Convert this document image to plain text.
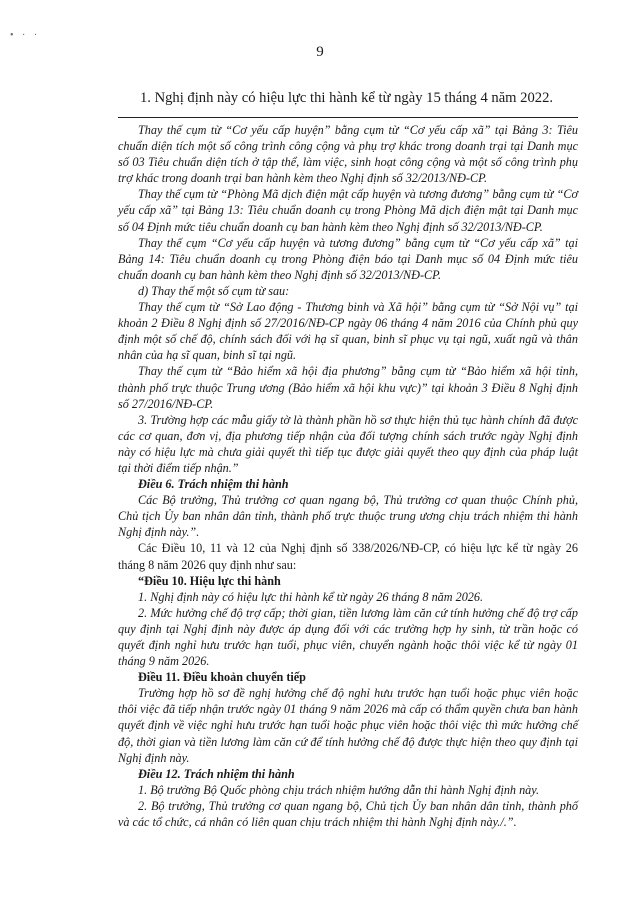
• · ·
9
1. Nghị định này có hiệu lực thi hành kể từ ngày 15 tháng 4 năm 2022.

Thay thế cụm từ “Cơ yếu cấp huyện” bằng cụm từ “Cơ yếu cấp xã” tại Bảng 3: Tiêu chuẩn diện tích một số công trình công cộng và phụ trợ khác trong doanh trại tại Danh mục số 03 Tiêu chuẩn diện tích ở tập thể, làm việc, sinh hoạt công cộng và một số công trình phụ trợ khác trong doanh trại ban hành kèm theo Nghị định số 32/2013/NĐ-CP.

Thay thế cụm từ “Phòng Mã dịch điện mật cấp huyện và tương đương” bằng cụm từ “Cơ yếu cấp xã” tại Bảng 13: Tiêu chuẩn doanh cụ trong Phòng Mã dịch điện mật tại Danh mục số 04 Định mức tiêu chuẩn doanh cụ ban hành kèm theo Nghị định số 32/2013/NĐ-CP.

Thay thế cụm “Cơ yếu cấp huyện và tương đương” bằng cụm từ “Cơ yếu cấp xã” tại Bảng 14: Tiêu chuẩn doanh cụ trong Phòng điện báo tại Danh mục số 04 Định mức tiêu chuẩn doanh cụ ban hành kèm theo Nghị định số 32/2013/NĐ-CP.

d) Thay thế một số cụm từ sau:

Thay thế cụm từ “Sở Lao động - Thương binh và Xã hội” bằng cụm từ “Sở Nội vụ” tại khoản 2 Điều 8 Nghị định số 27/2016/NĐ-CP ngày 06 tháng 4 năm 2016 của Chính phủ quy định một số chế độ, chính sách đối với hạ sĩ quan, binh sĩ phục vụ tại ngũ, xuất ngũ và thân nhân của hạ sĩ quan, binh sĩ tại ngũ.

Thay thế cụm từ “Bảo hiểm xã hội địa phương” bằng cụm từ “Bảo hiểm xã hội tỉnh, thành phố trực thuộc Trung ương (Bảo hiểm xã hội khu vực)” tại khoản 3 Điều 8 Nghị định số 27/2016/NĐ-CP.

3. Trường hợp các mẫu giấy tờ là thành phần hồ sơ thực hiện thủ tục hành chính đã được các cơ quan, đơn vị, địa phương tiếp nhận của đối tượng chính sách trước ngày Nghị định này có hiệu lực mà chưa giải quyết thì tiếp tục được giải quyết theo quy định của pháp luật tại thời điểm tiếp nhận.”

Điều 6. Trách nhiệm thi hành

Các Bộ trưởng, Thủ trưởng cơ quan ngang bộ, Thủ trưởng cơ quan thuộc Chính phủ, Chủ tịch Ủy ban nhân dân tỉnh, thành phố trực thuộc trung ương chịu trách nhiệm thi hành Nghị định này.”.

Các Điều 10, 11 và 12 của Nghị định số 338/2026/NĐ-CP, có hiệu lực kể từ ngày 26 tháng 8 năm 2026 quy định như sau:

“Điều 10. Hiệu lực thi hành

1. Nghị định này có hiệu lực thi hành kể từ ngày 26 tháng 8 năm 2026.

2. Mức hưởng chế độ trợ cấp; thời gian, tiền lương làm căn cứ tính hưởng chế độ trợ cấp quy định tại Nghị định này được áp dụng đối với các trường hợp hy sinh, từ trần hoặc có quyết định nghỉ hưu trước hạn tuổi, phục viên, chuyển ngành hoặc thôi việc kể từ ngày 01 tháng 9 năm 2026.

Điều 11. Điều khoản chuyển tiếp

Trường hợp hồ sơ đề nghị hưởng chế độ nghỉ hưu trước hạn tuổi hoặc phục viên hoặc thôi việc đã tiếp nhận trước ngày 01 tháng 9 năm 2026 mà cấp có thẩm quyền chưa ban hành quyết định về việc nghỉ hưu trước hạn tuổi hoặc phục viên hoặc thôi việc thì mức hưởng chế độ, thời gian và tiền lương làm căn cứ để tính hưởng chế độ được thực hiện theo quy định tại Nghị định này.

Điều 12. Trách nhiệm thi hành

1. Bộ trưởng Bộ Quốc phòng chịu trách nhiệm hướng dẫn thi hành Nghị định này.

2. Bộ trưởng, Thủ trưởng cơ quan ngang bộ, Chủ tịch Ủy ban nhân dân tỉnh, thành phố và các tổ chức, cá nhân có liên quan chịu trách nhiệm thi hành Nghị định này./.”.
